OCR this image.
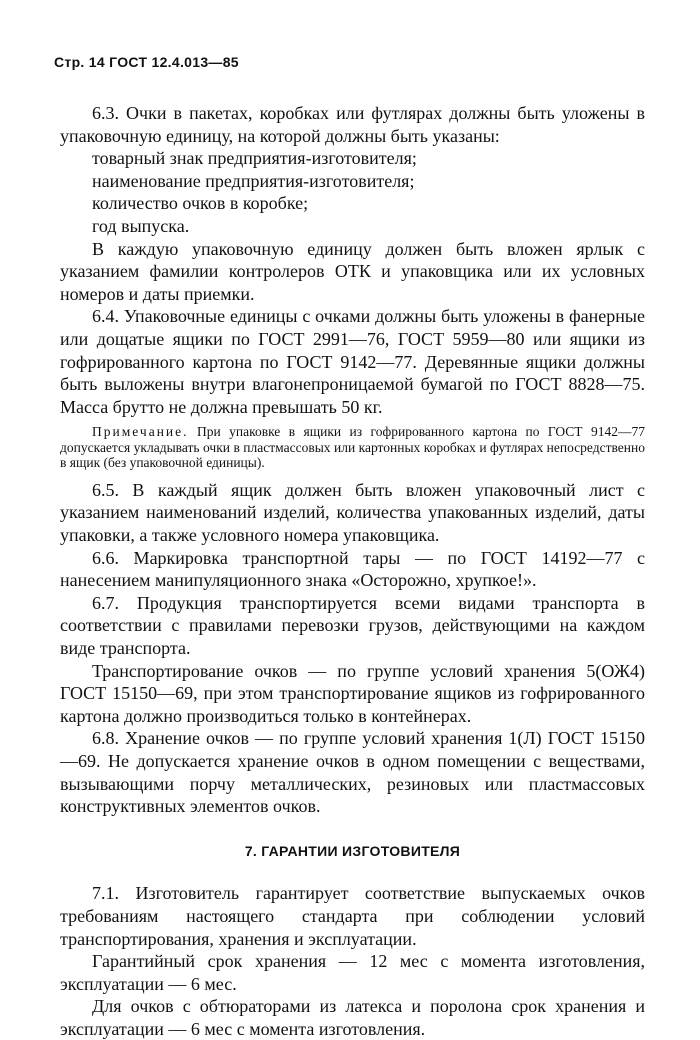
Стр. 14 ГОСТ 12.4.013—85

6.3. Очки в пакетах, коробках или футлярах должны быть уложены в упаковочную единицу, на которой должны быть указаны:

товарный знак предприятия-изготовителя;

наименование предприятия-изготовителя;

количество очков в коробке;

год выпуска.

В каждую упаковочную единицу должен быть вложен ярлык с указанием фамилии контролеров ОТК и упаковщика или их условных номеров и даты приемки.

6.4. Упаковочные единицы с очками должны быть уложены в фанерные или дощатые ящики по ГОСТ 2991—76, ГОСТ 5959—80 или ящики из гофрированного картона по ГОСТ 9142—77. Деревянные ящики должны быть выложены внутри влагонепроницаемой бумагой по ГОСТ 8828—75. Масса брутто не должна превышать 50 кг.

Примечание. При упаковке в ящики из гофрированного картона по ГОСТ 9142—77 допускается укладывать очки в пластмассовых или картонных коробках и футлярах непосредственно в ящик (без упаковочной единицы).

6.5. В каждый ящик должен быть вложен упаковочный лист с указанием наименований изделий, количества упакованных изделий, даты упаковки, а также условного номера упаковщика.

6.6. Маркировка транспортной тары — по ГОСТ 14192—77 с нанесением манипуляционного знака «Осторожно, хрупкое!».

6.7. Продукция транспортируется всеми видами транспорта в соответствии с правилами перевозки грузов, действующими на каждом виде транспорта.

Транспортирование очков — по группе условий хранения 5(ОЖ4) ГОСТ 15150—69, при этом транспортирование ящиков из гофрированного картона должно производиться только в контейнерах.

6.8. Хранение очков — по группе условий хранения 1(Л) ГОСТ 15150—69. Не допускается хранение очков в одном помещении с веществами, вызывающими порчу металлических, резиновых или пластмассовых конструктивных элементов очков.

7. ГАРАНТИИ ИЗГОТОВИТЕЛЯ

7.1. Изготовитель гарантирует соответствие выпускаемых очков требованиям настоящего стандарта при соблюдении условий транспортирования, хранения и эксплуатации.

Гарантийный срок хранения — 12 мес с момента изготовления, эксплуатации — 6 мес.

Для очков с обтюраторами из латекса и поролона срок хранения и эксплуатации — 6 мес с момента изготовления.
